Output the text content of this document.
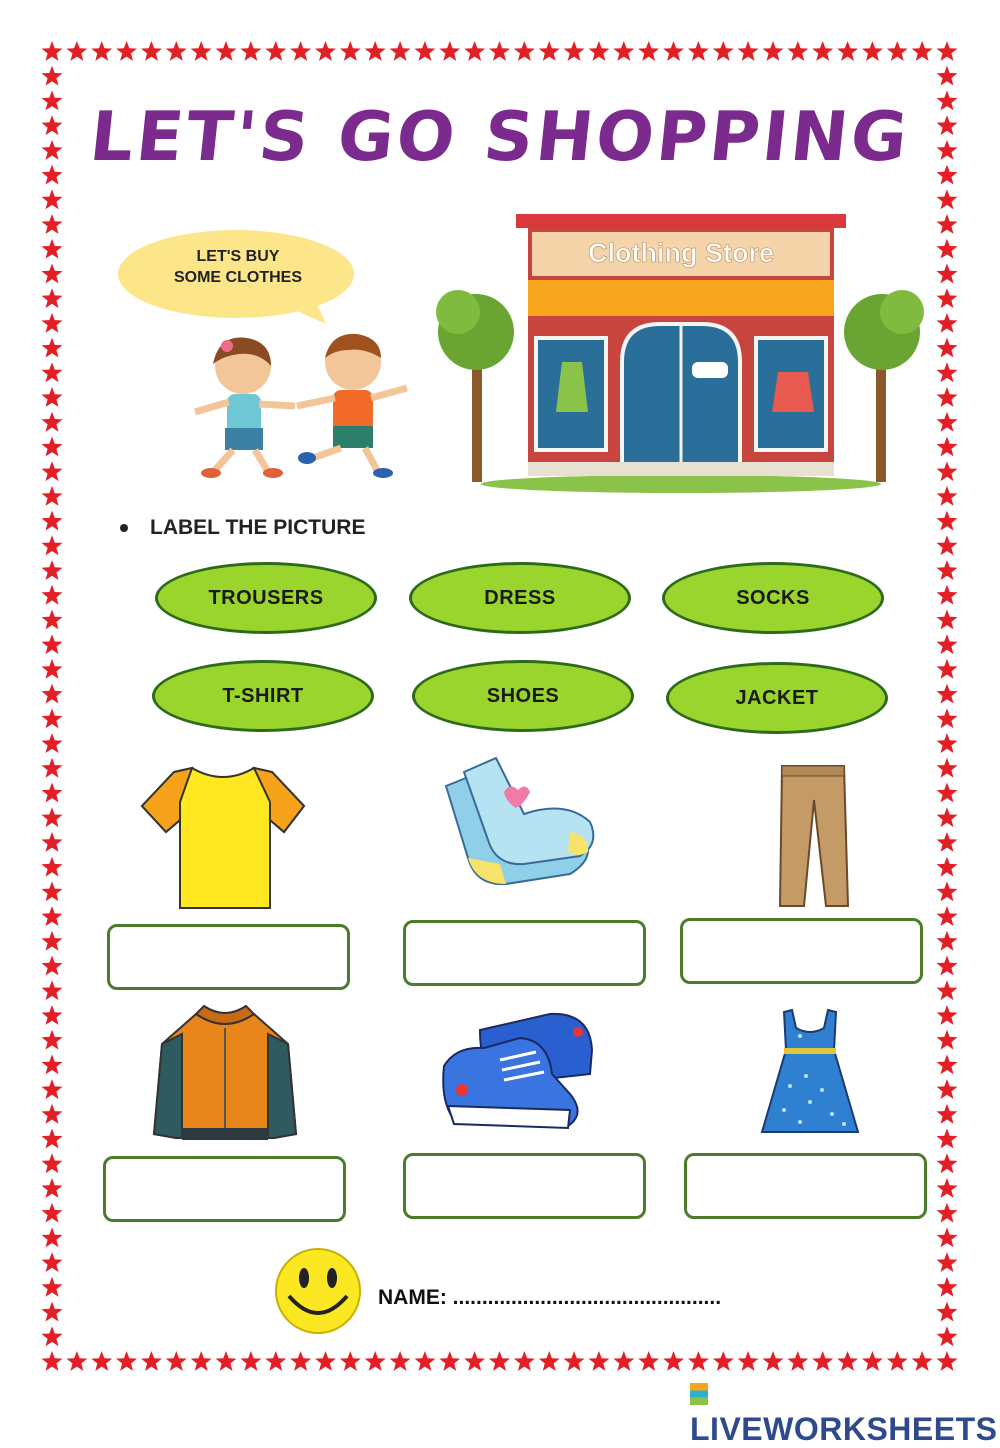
LET'S GO SHOPPING
LET'S BUY
SOME CLOTHES
Clothing Store
LABEL THE PICTURE
TROUSERS	DRESS	SOCKS
T-SHIRT	SHOES	JACKET
NAME: ..............................................
LIVEWORKSHEETS
